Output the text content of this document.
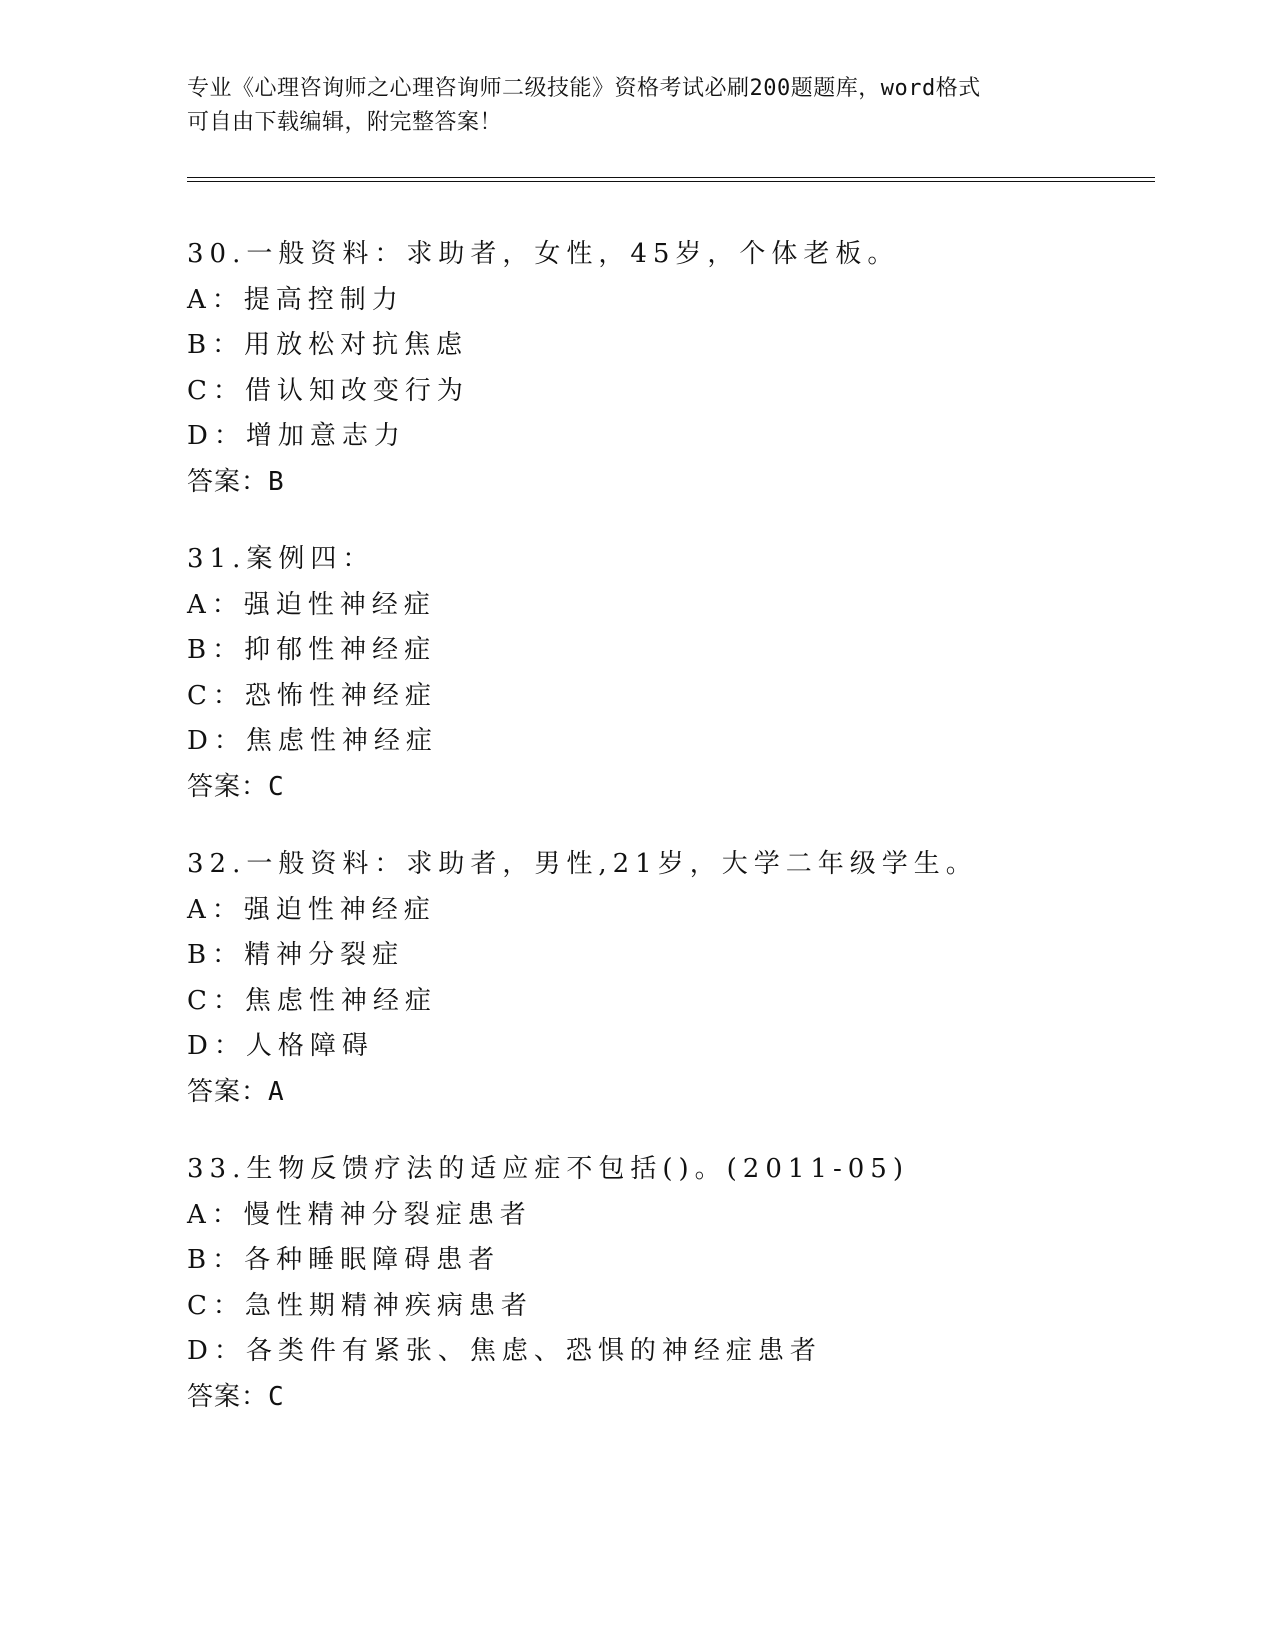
专业《心理咨询师之心理咨询师二级技能》资格考试必刷200题题库，word格式
可自由下载编辑，附完整答案！
30.一般资料：求助者，女性，45岁，个体老板。
A：提高控制力
B：用放松对抗焦虑
C：借认知改变行为
D：增加意志力
答案：B
31.案例四：
A：强迫性神经症
B：抑郁性神经症
C：恐怖性神经症
D：焦虑性神经症
答案：C
32.一般资料：求助者，男性,21岁，大学二年级学生。
A：强迫性神经症
B：精神分裂症
C：焦虑性神经症
D：人格障碍
答案：A
33.生物反馈疗法的适应症不包括()。(2011-05)
A：慢性精神分裂症患者
B：各种睡眠障碍患者
C：急性期精神疾病患者
D：各类件有紧张、焦虑、恐惧的神经症患者
答案：C
